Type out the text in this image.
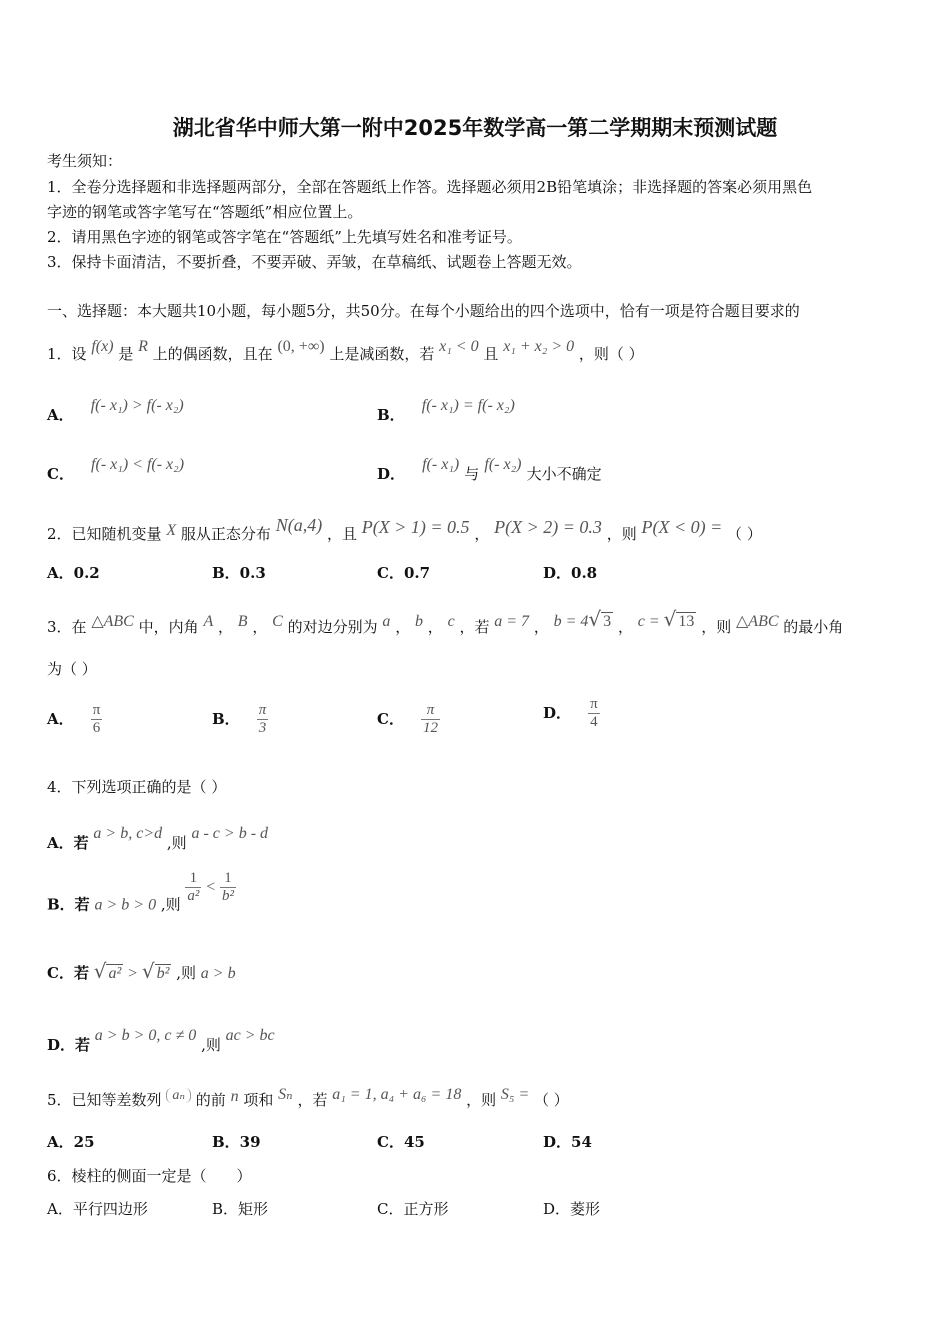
湖北省华中师大第一附中2025年数学高一第二学期期末预测试题
考生须知：
1．全卷分选择题和非选择题两部分，全部在答题纸上作答。选择题必须用2B铅笔填涂；非选择题的答案必须用黑色
字迹的钢笔或答字笔写在“答题纸”相应位置上。
2．请用黑色字迹的钢笔或答字笔在“答题纸”上先填写姓名和准考证号。
3．保持卡面清洁，不要折叠，不要弄破、弄皱，在草稿纸、试题卷上答题无效。
一、选择题：本大题共10小题，每小题5分，共50分。在每个小题给出的四个选项中，恰有一项是符合题目要求的
1．设 f(x) 是 R 上的偶函数，且在 (0, +∞) 上是减函数，若 x₁ < 0 且 x₁ + x₂ > 0 ，则（ ）
A． f(- x₁) > f(- x₂)
B． f(- x₁) = f(- x₂)
C． f(- x₁) < f(- x₂)
D． f(- x₁) 与 f(- x₂) 大小不确定
2．已知随机变量 X 服从正态分布 N(a,4) ，且 P(X > 1) = 0.5 ， P(X > 2) = 0.3 ，则 P(X < 0) = （ ）
A．0.2	B．0.3	C．0.7	D．0.8
3．在 △ABC 中，内角 A ， B ， C 的对边分别为 a ， b ， c ，若 a = 7 ， b = 4√ 3 ， c = √ 13 ，则 △ABC 的最小角
为（ ）
A． $\frac{\pi}{6}$	B． $\frac{\pi}{3}$	C． $\frac{\pi}{12}$	D． $\frac{\pi}{4}$
4．下列选项正确的是（ ）
A．若 a > b, c>d ,则 a - c > b - d
B．若 a > b > 0 ,则 $\frac{1}{\text{a²}} < \frac{1}{\text{b²}}$
C．若 √ a² > √ b² ,则 a > b
D．若 a > b > 0, c ≠ 0 ,则 ac > bc
5．已知等差数列 aₙ 的前 n 项和 Sₙ ，若 a₁ = 1, a₄ + a₆ = 18 ，则 S₅ = （ ）
A．25	B．39	C．45	D．54
6．棱柱的侧面一定是（　　）
A．平行四边形	B．矩形	C．正方形	D．菱形
